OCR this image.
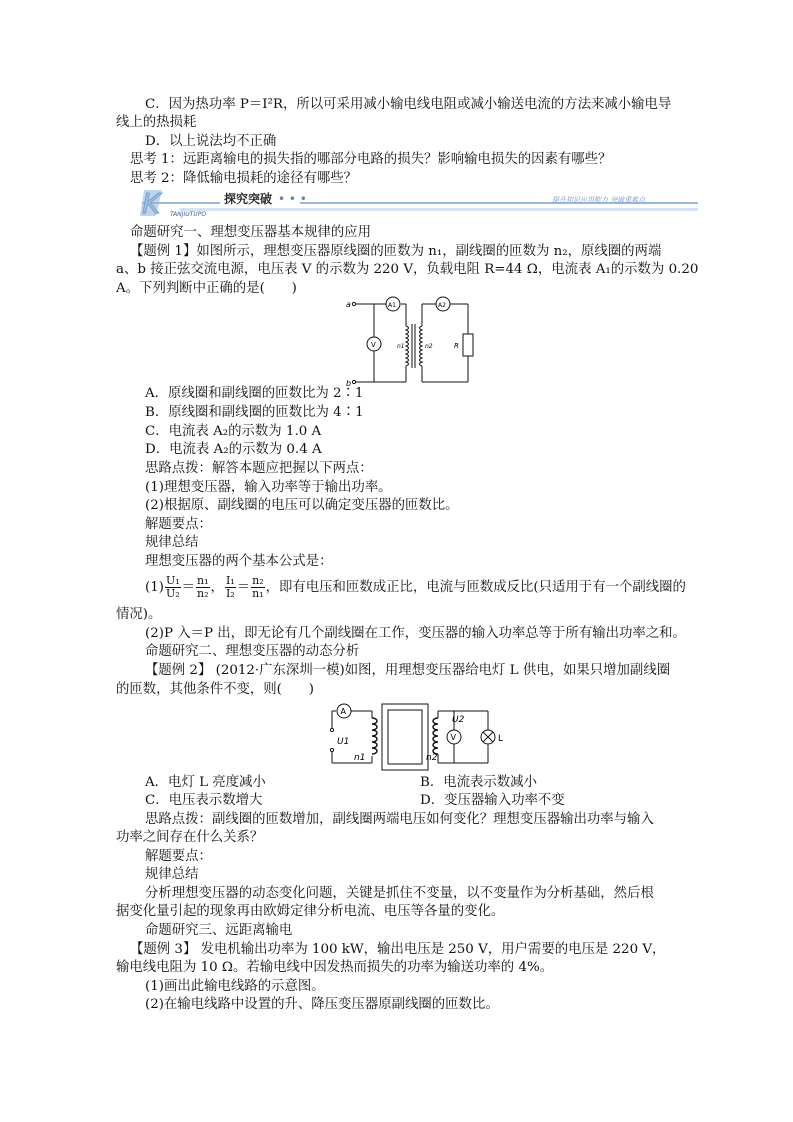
C．因为热功率 P＝I²R，所以可采用减小输电线电阻或减小输送电流的方法来减小输电导
线上的热损耗
D．以上说法均不正确
思考 1：远距离输电的损失指的哪部分电路的损失？影响输电损失的因素有哪些？
思考 2：降低输电损耗的途径有哪些？
K	探究突破 • • •
TANJIUTUPO
提升知识应用能力 突破重难点
命题研究一、理想变压器基本规律的应用
【题例 1】如图所示，理想变压器原线圈的匝数为 n₁，副线圈的匝数为 n₂，原线圈的两端
a、b 接正弦交流电源，电压表 V 的示数为 220 V，负载电阻 R=44 Ω，电流表 A₁的示数为 0.20
A。下列判断中正确的是(　　)
a
b
A1	A2
V	n1	n2	R
A．原线圈和副线圈的匝数比为 2∶1
B．原线圈和副线圈的匝数比为 4∶1
C．电流表 A₂的示数为 1.0 A
D．电流表 A₂的示数为 0.4 A
思路点拨：解答本题应把握以下两点：
(1)理想变压器，输入功率等于输出功率。
(2)根据原、副线圈的电压可以确定变压器的匝数比。
解题要点：
规律总结
理想变压器的两个基本公式是：
$(1) \frac{\text{U₁}}{\text{U₂}} = \frac{\text{n₁}}{\text{n₂}}$ ， $\frac{\text{I₁}}{\text{I₂}} = \frac{\text{n₂}}{\text{n₁}}$ ，即有电压和匝数成正比，电流与匝数成反比(只适用于有一个副线圈的
情况)。
(2)P 入＝P 出，即无论有几个副线圈在工作，变压器的输入功率总等于所有输出功率之和。
命题研究二、理想变压器的动态分析
【题例 2】 (2012·广东深圳一模)如图，用理想变压器给电灯 L 供电，如果只增加副线圈
的匝数，其他条件不变，则(　　)
A
V
U1
U2
n1	n2
L
A．电灯 L 亮度减小	B．电流表示数减小
C．电压表示数增大	D．变压器输入功率不变
思路点拨：副线圈的匝数增加，副线圈两端电压如何变化？理想变压器输出功率与输入
功率之间存在什么关系？
解题要点：
规律总结
分析理想变压器的动态变化问题，关键是抓住不变量，以不变量作为分析基础，然后根
据变化量引起的现象再由欧姆定律分析电流、电压等各量的变化。
命题研究三、远距离输电
【题例 3】 发电机输出功率为 100 kW，输出电压是 250 V，用户需要的电压是 220 V，
输电线电阻为 10 Ω。若输电线中因发热而损失的功率为输送功率的 4%。
(1)画出此输电线路的示意图。
(2)在输电线路中设置的升、降压变压器原副线圈的匝数比。
